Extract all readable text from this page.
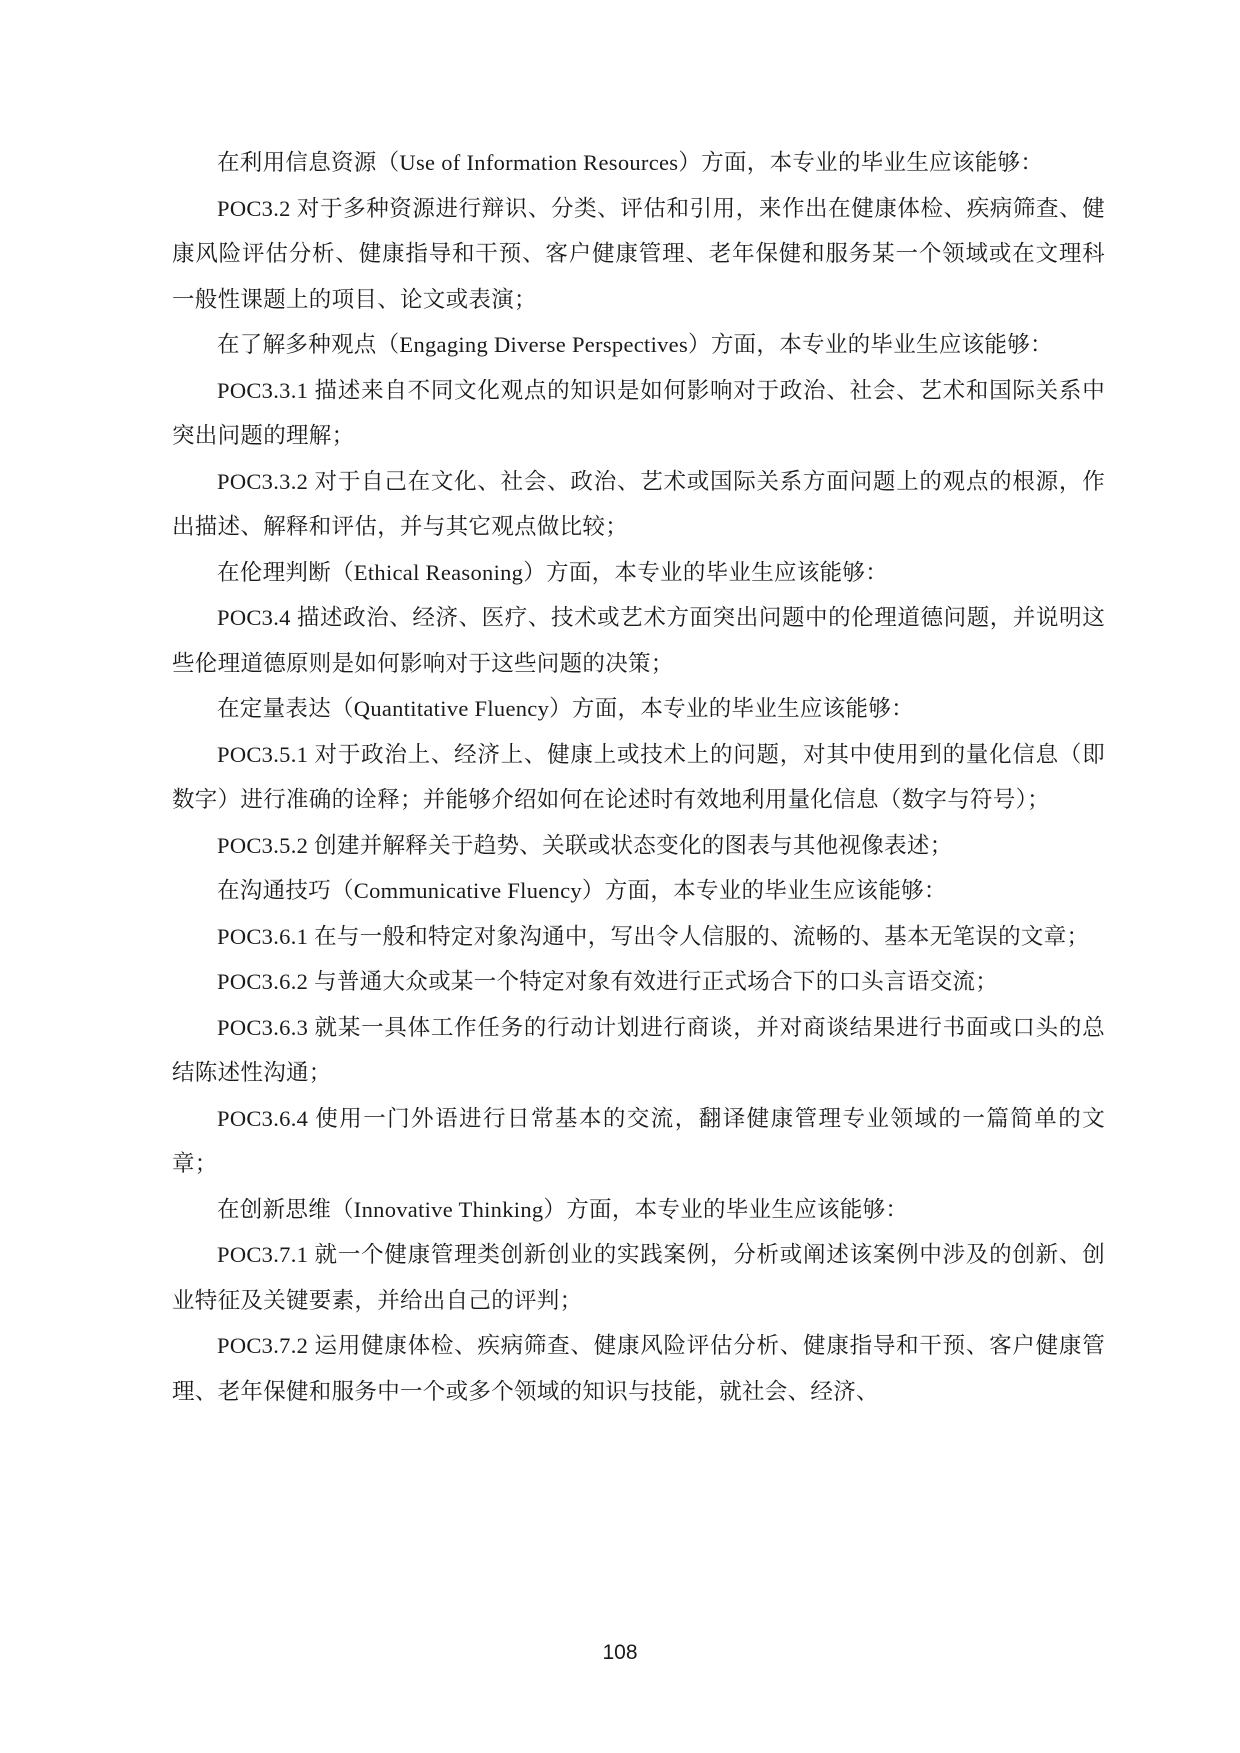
在利用信息资源（Use of Information Resources）方面，本专业的毕业生应该能够：

POC3.2 对于多种资源进行辩识、分类、评估和引用，来作出在健康体检、疾病筛查、健康风险评估分析、健康指导和干预、客户健康管理、老年保健和服务某一个领域或在文理科一般性课题上的项目、论文或表演；

在了解多种观点（Engaging Diverse Perspectives）方面，本专业的毕业生应该能够：

POC3.3.1 描述来自不同文化观点的知识是如何影响对于政治、社会、艺术和国际关系中突出问题的理解；

POC3.3.2 对于自己在文化、社会、政治、艺术或国际关系方面问题上的观点的根源，作出描述、解释和评估，并与其它观点做比较；

在伦理判断（Ethical Reasoning）方面，本专业的毕业生应该能够：

POC3.4 描述政治、经济、医疗、技术或艺术方面突出问题中的伦理道德问题，并说明这些伦理道德原则是如何影响对于这些问题的决策；

在定量表达（Quantitative Fluency）方面，本专业的毕业生应该能够：

POC3.5.1 对于政治上、经济上、健康上或技术上的问题，对其中使用到的量化信息（即数字）进行准确的诠释；并能够介绍如何在论述时有效地利用量化信息（数字与符号）；

POC3.5.2 创建并解释关于趋势、关联或状态变化的图表与其他视像表述；

在沟通技巧（Communicative Fluency）方面，本专业的毕业生应该能够：

POC3.6.1 在与一般和特定对象沟通中，写出令人信服的、流畅的、基本无笔误的文章；

POC3.6.2 与普通大众或某一个特定对象有效进行正式场合下的口头言语交流；

POC3.6.3 就某一具体工作任务的行动计划进行商谈，并对商谈结果进行书面或口头的总结陈述性沟通；

POC3.6.4 使用一门外语进行日常基本的交流，翻译健康管理专业领域的一篇简单的文章；

在创新思维（Innovative Thinking）方面，本专业的毕业生应该能够：

POC3.7.1 就一个健康管理类创新创业的实践案例，分析或阐述该案例中涉及的创新、创业特征及关键要素，并给出自己的评判；

POC3.7.2 运用健康体检、疾病筛查、健康风险评估分析、健康指导和干预、客户健康管理、老年保健和服务中一个或多个领域的知识与技能，就社会、经济、

108
